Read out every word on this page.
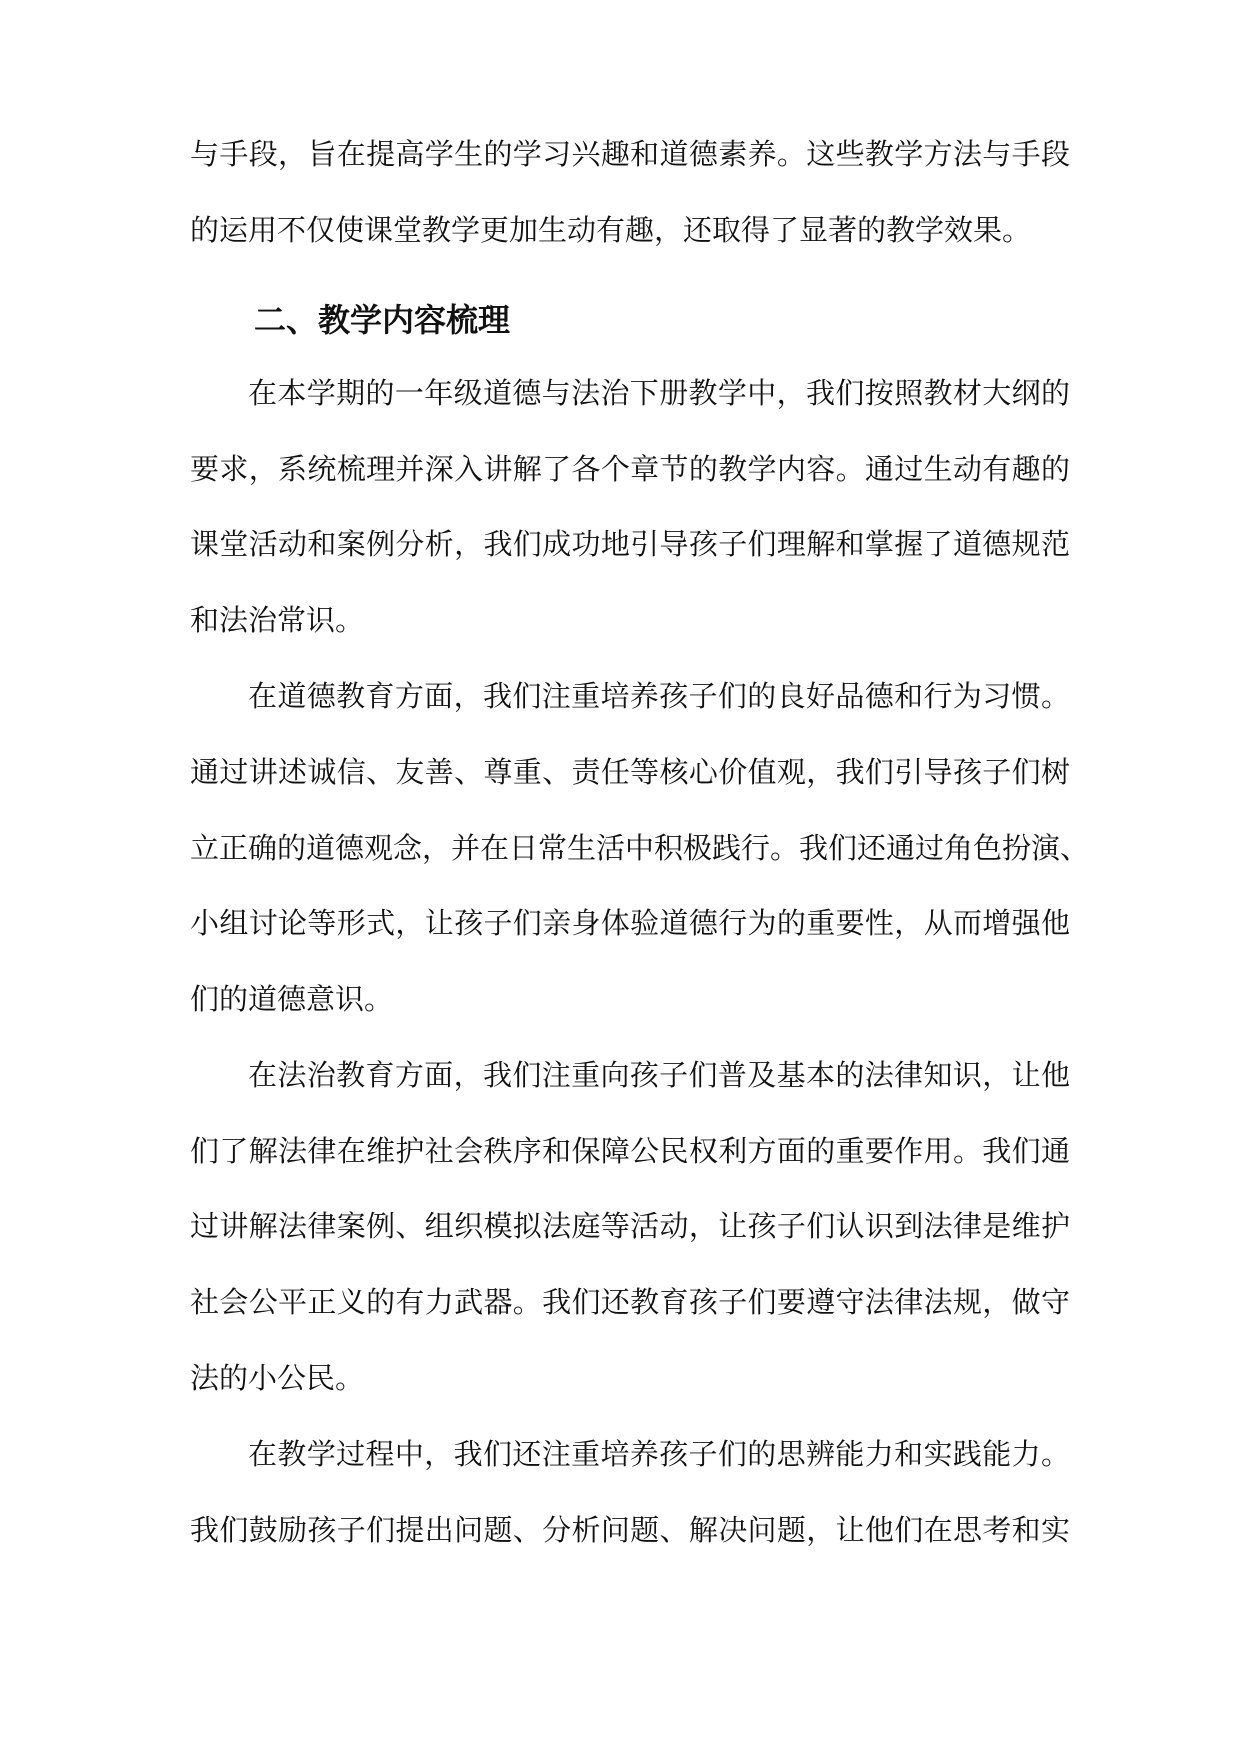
与手段，旨在提高学生的学习兴趣和道德素养。这些教学方法与手段
的运用不仅使课堂教学更加生动有趣，还取得了显著的教学效果。
二、教学内容梳理
在本学期的一年级道德与法治下册教学中，我们按照教材大纲的
要求，系统梳理并深入讲解了各个章节的教学内容。通过生动有趣的
课堂活动和案例分析，我们成功地引导孩子们理解和掌握了道德规范
和法治常识。
在道德教育方面，我们注重培养孩子们的良好品德和行为习惯。
通过讲述诚信、友善、尊重、责任等核心价值观，我们引导孩子们树
立正确的道德观念，并在日常生活中积极践行。我们还通过角色扮演、
小组讨论等形式，让孩子们亲身体验道德行为的重要性，从而增强他
们的道德意识。
在法治教育方面，我们注重向孩子们普及基本的法律知识，让他
们了解法律在维护社会秩序和保障公民权利方面的重要作用。我们通
过讲解法律案例、组织模拟法庭等活动，让孩子们认识到法律是维护
社会公平正义的有力武器。我们还教育孩子们要遵守法律法规，做守
法的小公民。
在教学过程中，我们还注重培养孩子们的思辨能力和实践能力。
我们鼓励孩子们提出问题、分析问题、解决问题，让他们在思考和实
